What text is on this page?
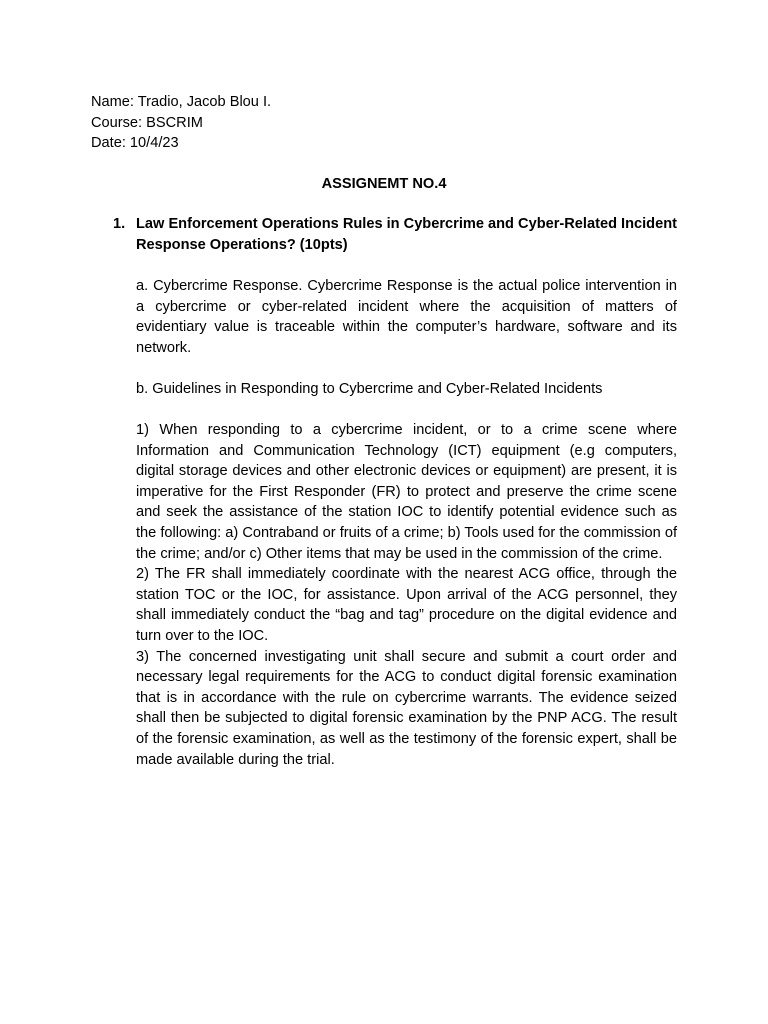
Name: Tradio, Jacob Blou I.
Course: BSCRIM
Date: 10/4/23
ASSIGNEMT NO.4
1. Law Enforcement Operations Rules in Cybercrime and Cyber-Related Incident Response Operations? (10pts)
a. Cybercrime Response. Cybercrime Response is the actual police intervention in a cybercrime or cyber-related incident where the acquisition of matters of evidentiary value is traceable within the computer’s hardware, software and its network.
b. Guidelines in Responding to Cybercrime and Cyber-Related Incidents

1) When responding to a cybercrime incident, or to a crime scene where Information and Communication Technology (ICT) equipment (e.g computers, digital storage devices and other electronic devices or equipment) are present, it is imperative for the First Responder (FR) to protect and preserve the crime scene and seek the assistance of the station IOC to identify potential evidence such as the following: a) Contraband or fruits of a crime; b) Tools used for the commission of the crime; and/or c) Other items that may be used in the commission of the crime.

2) The FR shall immediately coordinate with the nearest ACG office, through the station TOC or the IOC, for assistance. Upon arrival of the ACG personnel, they shall immediately conduct the “bag and tag” procedure on the digital evidence and turn over to the IOC.

3) The concerned investigating unit shall secure and submit a court order and necessary legal requirements for the ACG to conduct digital forensic examination that is in accordance with the rule on cybercrime warrants. The evidence seized shall then be subjected to digital forensic examination by the PNP ACG. The result of the forensic examination, as well as the testimony of the forensic expert, shall be made available during the trial.
